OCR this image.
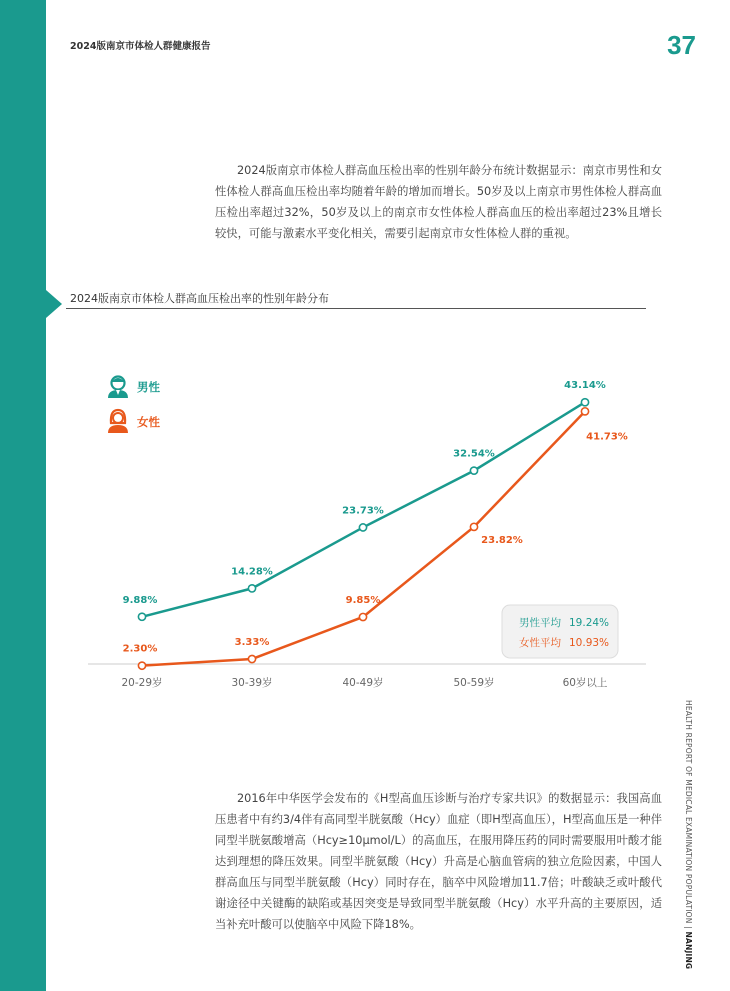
2024版南京市体检人群健康报告	37
2024版南京市体检人群高血压检出率的性别年龄分布统计数据显示：南京市男性和女性体检人群高血压检出率均随着年龄的增加而增长。50岁及以上南京市男性体检人群高血压检出率超过32%，50岁及以上的南京市女性体检人群高血压的检出率超过23%且增长较快，可能与激素水平变化相关，需要引起南京市女性体检人群的重视。
2024版南京市体检人群高血压检出率的性别年龄分布
男性
女性
9.88%
14.28%
23.73%
32.54%
43.14%
2.30%
3.33%
9.85%
23.82%
41.73%
20-29岁	30-39岁	40-49岁	50-59岁	60岁以上
男性平均 19.24%
女性平均 10.93%
2016年中华医学会发布的《H型高血压诊断与治疗专家共识》的数据显示：我国高血压患者中有约3/4伴有高同型半胱氨酸（Hcy）血症（即H型高血压），H型高血压是一种伴同型半胱氨酸增高（Hcy≥10μmol/L）的高血压，在服用降压药的同时需要服用叶酸才能达到理想的降压效果。同型半胱氨酸（Hcy）升高是心脑血管病的独立危险因素，中国人群高血压与同型半胱氨酸（Hcy）同时存在，脑卒中风险增加11.7倍；叶酸缺乏或叶酸代谢途径中关键酶的缺陷或基因突变是导致同型半胱氨酸（Hcy）水平升高的主要原因，适当补充叶酸可以使脑卒中风险下降18%。
HEALTH REPORT OF MEDICAL EXAMINATION POPULATION | NANJING
